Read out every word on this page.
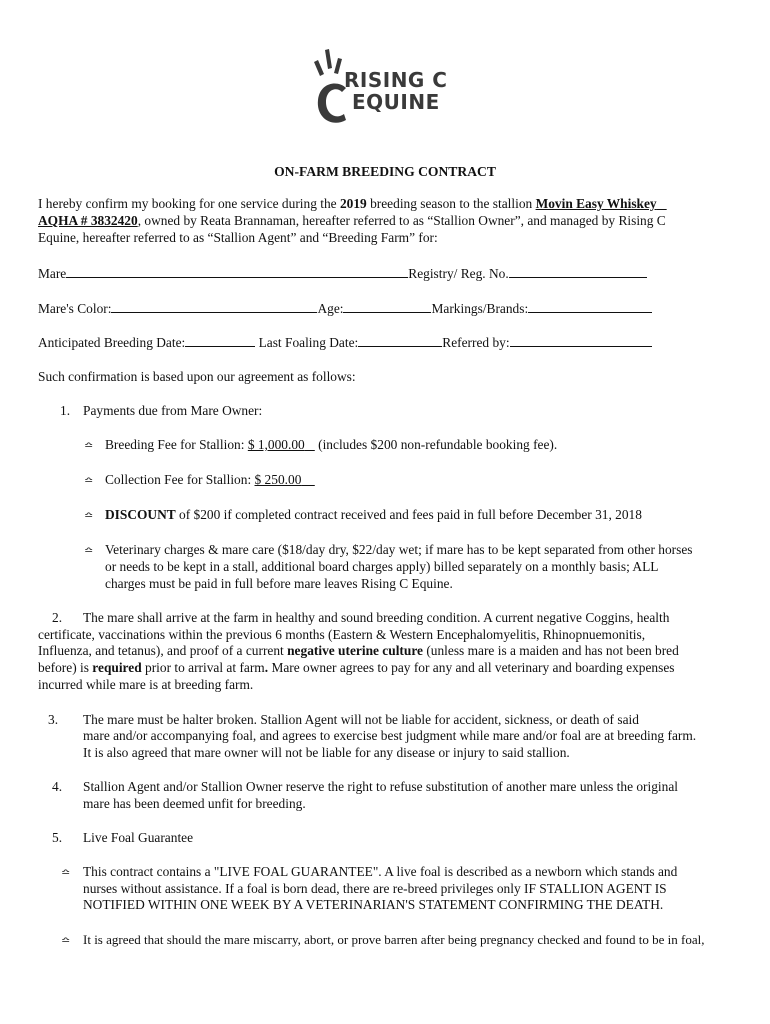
RISING C
EQUINE
ON-FARM BREEDING CONTRACT
I hereby confirm my booking for one service during the 2019 breeding season to the stallion Movin Easy Whiskey
AQHA # 3832420, owned by Reata Brannaman, hereafter referred to as “Stallion Owner”, and managed by Rising C
Equine, hereafter referred to as “Stallion Agent” and “Breeding Farm” for:
Mare	Registry/ Reg. No.
Mare's Color:	Age:	Markings/Brands:
Anticipated Breeding Date:	Last Foaling Date:	Referred by:
Such confirmation is based upon our agreement as follows:
1. Payments due from Mare Owner:
≏ Breeding Fee for Stallion: $ 1,000.00    (includes $200 non-refundable booking fee).
≏ Collection Fee for Stallion: $ 250.00
≏ DISCOUNT of $200 if completed contract received and fees paid in full before December 31, 2018
≏ Veterinary charges & mare care ($18/day dry, $22/day wet; if mare has to be kept separated from other horses
or needs to be kept in a stall, additional board charges apply) billed separately on a monthly basis; ALL
charges must be paid in full before mare leaves Rising C Equine.
2. The mare shall arrive at the farm in healthy and sound breeding condition. A current negative Coggins, health
certificate, vaccinations within the previous 6 months (Eastern & Western Encephalomyelitis, Rhinopnuemonitis,
Influenza, and tetanus), and proof of a current negative uterine culture (unless mare is a maiden and has not been bred
before) is required prior to arrival at farm. Mare owner agrees to pay for any and all veterinary and boarding expenses
incurred while mare is at breeding farm.
3. The mare must be halter broken. Stallion Agent will not be liable for accident, sickness, or death of said
mare and/or accompanying foal, and agrees to exercise best judgment while mare and/or foal are at breeding farm.
It is also agreed that mare owner will not be liable for any disease or injury to said stallion.
4. Stallion Agent and/or Stallion Owner reserve the right to refuse substitution of another mare unless the original
mare has been deemed unfit for breeding.
5. Live Foal Guarantee
≏ This contract contains a "LIVE FOAL GUARANTEE". A live foal is described as a newborn which stands and
nurses without assistance. If a foal is born dead, there are re-breed privileges only IF STALLION AGENT IS
NOTIFIED WITHIN ONE WEEK BY A VETERINARIAN'S STATEMENT CONFIRMING THE DEATH.
≏ It is agreed that should the mare miscarry, abort, or prove barren after being pregnancy checked and found to be in foal,
